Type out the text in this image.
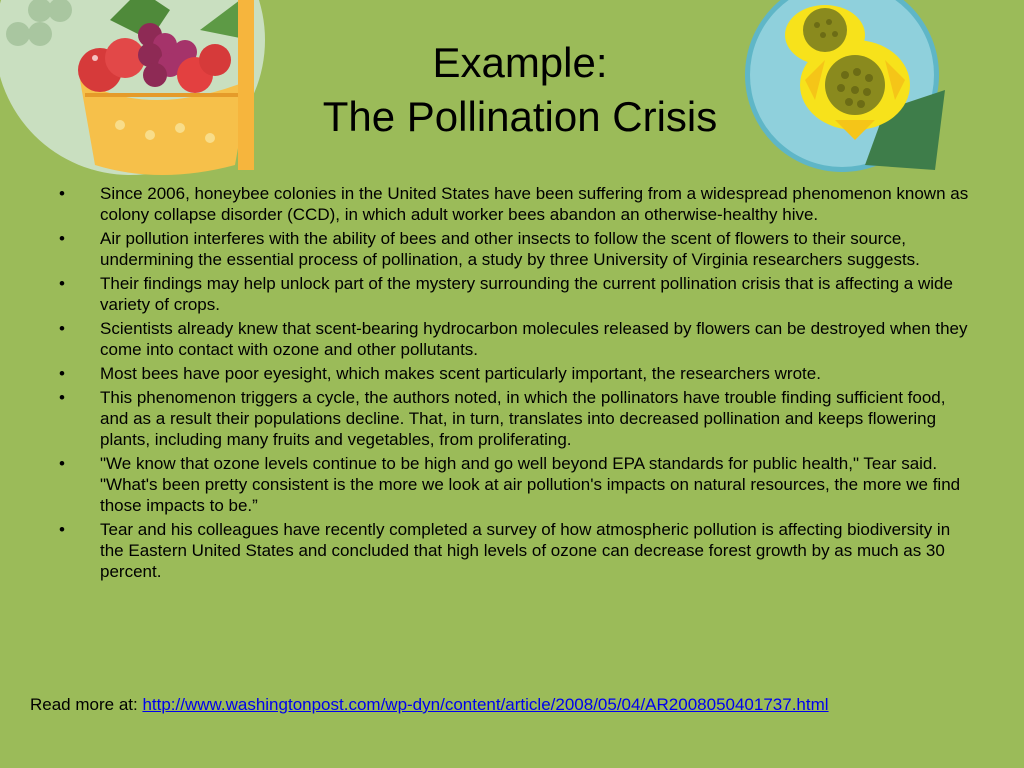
Example:
The Pollination Crisis
• Since 2006, honeybee colonies in the United States have been suffering from a widespread phenomenon known as colony collapse disorder (CCD), in which adult worker bees abandon an otherwise-healthy hive.
• Air pollution interferes with the ability of bees and other insects to follow the scent of flowers to their source, undermining the essential process of pollination, a study by three University of Virginia researchers suggests.
• Their findings may help unlock part of the mystery surrounding the current pollination crisis that is affecting a wide variety of crops.
• Scientists already knew that scent-bearing hydrocarbon molecules released by flowers can be destroyed when they come into contact with ozone and other pollutants.
• Most bees have poor eyesight, which makes scent particularly important, the researchers wrote.
• This phenomenon triggers a cycle, the authors noted, in which the pollinators have trouble finding sufficient food, and as a result their populations decline. That, in turn, translates into decreased pollination and keeps flowering plants, including many fruits and vegetables, from proliferating.
• "We know that ozone levels continue to be high and go well beyond EPA standards for public health," Tear said. "What's been pretty consistent is the more we look at air pollution's impacts on natural resources, the more we find those impacts to be.”
• Tear and his colleagues have recently completed a survey of how atmospheric pollution is affecting biodiversity in the Eastern United States and concluded that high levels of ozone can decrease forest growth by as much as 30 percent.
Read more at: http://www.washingtonpost.com/wp-dyn/content/article/2008/05/04/AR2008050401737.html
